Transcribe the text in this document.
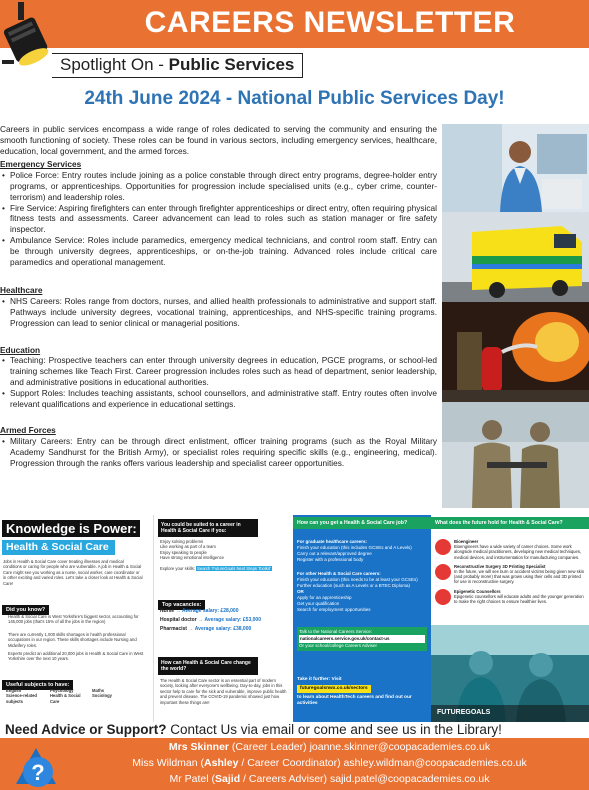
CAREERS NEWSLETTER
Spotlight On - Public Services
24th June 2024 - National Public Services Day!

Careers in public services encompass a wide range of roles dedicated to serving the community and ensuring the smooth functioning of society. These roles can be found in various sectors, including emergency services, healthcare, education, local government, and the armed forces.

Emergency Services
• Police Force: Entry routes include joining as a police constable through direct entry programs, degree-holder entry programs, or apprenticeships. Opportunities for progression include specialised units (e.g., cyber crime, counter-terrorism) and leadership roles.
• Fire Service: Aspiring firefighters can enter through firefighter apprenticeships or direct entry, often requiring physical fitness tests and assessments. Career advancement can lead to roles such as station manager or fire safety inspector.
• Ambulance Service: Roles include paramedics, emergency medical technicians, and control room staff. Entry can be through university degrees, apprenticeships, or on-the-job training. Advanced roles include critical care paramedics and operational management.
Healthcare
• NHS Careers: Roles range from doctors, nurses, and allied health professionals to administrative and support staff. Pathways include university degrees, vocational training, apprenticeships, and NHS-specific training programs. Progression can lead to senior clinical or managerial positions.
Education
• Teaching: Prospective teachers can enter through university degrees in education, PGCE programs, or school-led training schemes like Teach First. Career progression includes roles such as head of department, senior leadership, and administrative positions in educational authorities.
• Support Roles: Includes teaching assistants, school counsellors, and administrative staff. Entry routes often involve relevant qualifications and experience in educational settings.
Armed Forces
• Military Careers: Entry can be through direct enlistment, officer training programs (such as the Royal Military Academy Sandhurst for the British Army), or specialist roles requiring specific skills (e.g., engineering, medical). Progression through the ranks offers various leadership and specialist career opportunities.
Knowledge is Power:
Health & Social Care
Jobs in Health & Social Care cover treating illnesses and medical conditions or caring for people who are vulnerable. A job in Health & Social Care might see you working as a nurse, social worker, care coordinator or in other exciting and varied roles. Let's take a closer look at Health & Social Care!
Did you know?
Health & Social Care is West Yorkshire's biggest sector, accounting for 145,000 jobs (that's 15% of all the jobs in the region)
There are currently 1,000 skills shortages in health professional occupations in our region. These skills shortages include Nursing and Midwifery roles.
Experts predict an additional 20,000 jobs in Health & Social Care in West Yorkshire over the next 10 years.
Useful subjects to have:
English
Science-related subjects
Psychology
Health & Social Care
Maths
Sociology
You could be suited to a career in Health & Social Care if you:
Enjoy solving problems
Like working as part of a team
Enjoy speaking to people
Have strong emotional intelligence
Explore your skills: Search 'FutureGoals Next Steps Toolkit'
Top vacancies:
Nurse → Average salary: £28,000
Hospital doctor → Average salary: £53,000
Pharmacist → Average salary: £38,000
How can Health & Social Care change the world?
The Health & Social Care sector is an essential part of modern society, looking after everyone's wellbeing. Day-to-day, jobs in this sector help to care for the sick and vulnerable, improve public health and prevent disease. The COVID-19 pandemic showed just how important these things are!
How can you get a Health & Social Care job?
For graduate healthcare careers:
Finish your education (this includes GCSEs and A Levels)
Carry out a relevant/approved degree
Register with a professional body
For other Health & Social Care careers:
Finish your education (this needs to be at least your GCSEs)
Further education (such as A Levels or a BTEC Diploma)
OR
Apply for an apprenticeship
Get your qualification
Search for employment opportunities
Talk to the National Careers Service:
nationalcareers.service.gov.uk/contact-us
Or your school/college Careers Adviser
Take it further: Visit
futuregoalsnwx.co.uk/sectors
to learn about HealthTech careers and find out our activities
What does the future hold for Health & Social Care?
Bioengineer
Bioengineers have a wide variety of career choices. Some work alongside medical practitioners, developing new medical techniques, medical devices, and instrumentation for manufacturing companies.
Reconstructive Surgery 3D Printing Specialist
In the future, we will see burn or accident victims being given new skin (and probably more!) that was grown using their cells and 3D printed for use in reconstructive surgery.
Epigenetic Counsellors
Epigenetic counsellors will educate adults and the younger generation to make the right choices to ensure healthier lives.
FUTUREGOALS
Need Advice or Support? Contact Us via email or come and see us in the Library!
Mrs Skinner (Career Leader) joanne.skinner@coopacademies.co.uk
Miss Wildman (Ashley / Career Coordinator) ashley.wildman@coopacademies.co.uk
Mr Patel (Sajid / Careers Adviser) sajid.patel@coopacademies.co.uk
?
